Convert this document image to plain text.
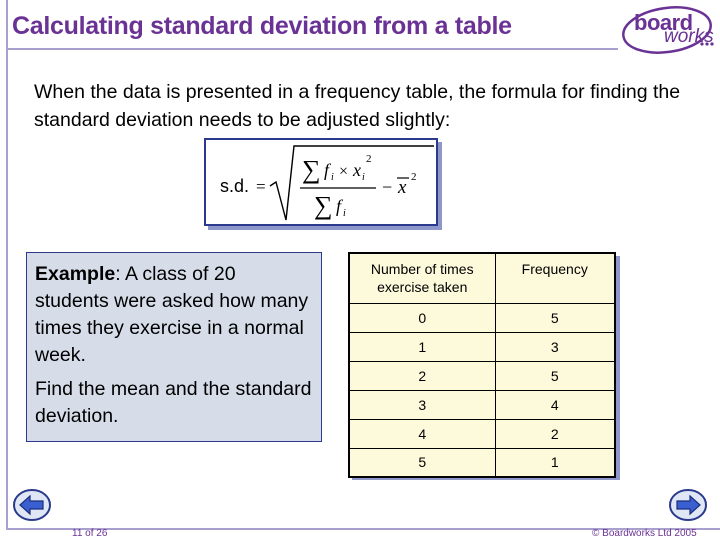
Calculating standard deviation from a table	board
works
When the data is presented in a frequency table, the formula for finding the standard deviation needs to be adjusted slightly:
s.d. =
∑ f i × x i
2
∑ f i
− x 2

Example: A class of 20 students were asked how many times they exercise in a normal week.

Find the mean and the standard deviation.

Number of times exercise taken	Frequency
0	5
1	3
2	5
3	4
4	2
5	1
11 of 26	© Boardworks Ltd 2005
